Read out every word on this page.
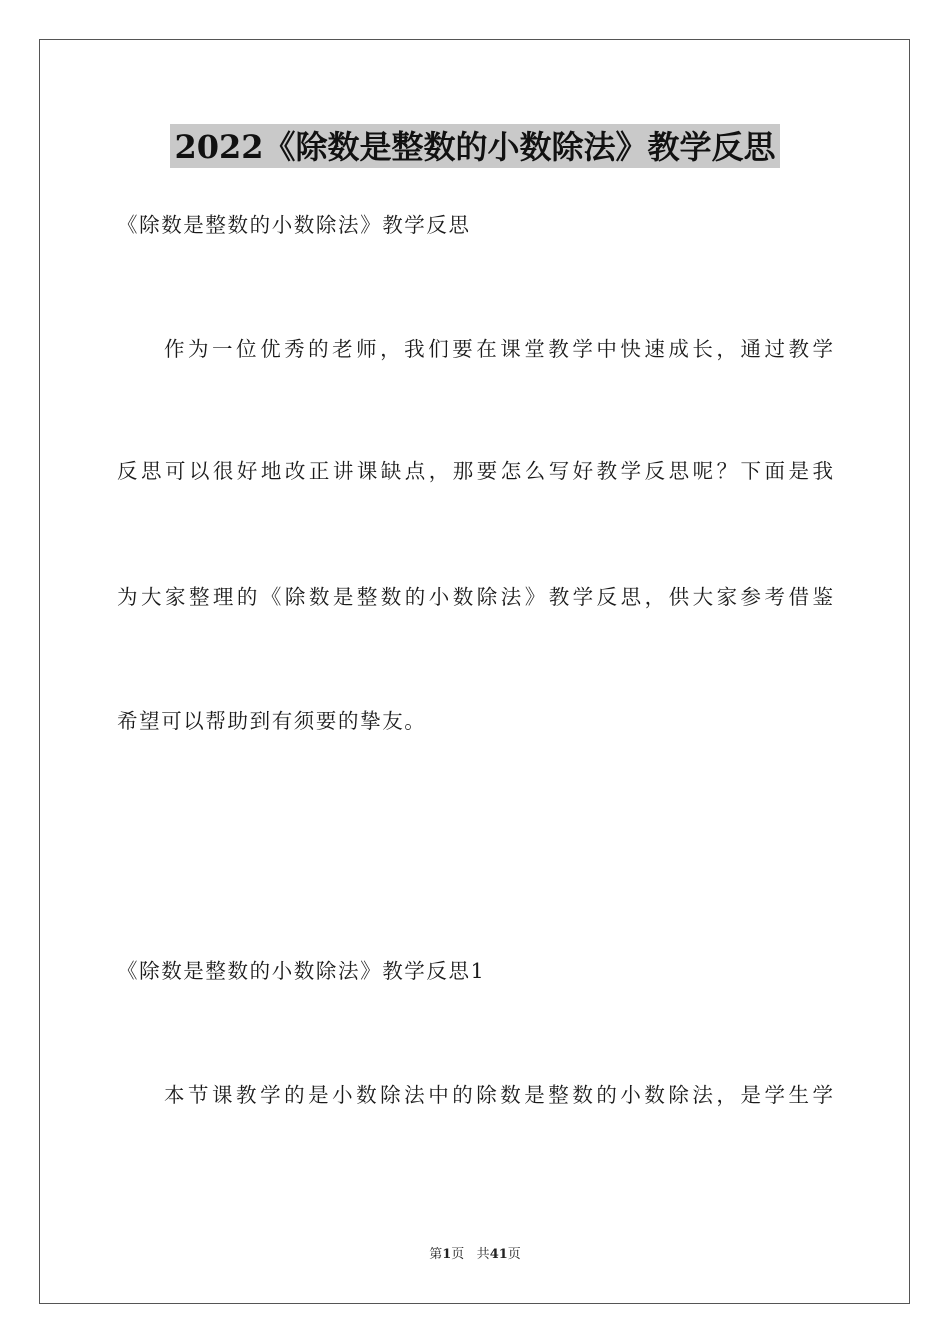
2022《除数是整数的小数除法》教学反思
《除数是整数的小数除法》教学反思
作为一位优秀的老师，我们要在课堂教学中快速成长，通过教学
反思可以很好地改正讲课缺点，那要怎么写好教学反思呢？下面是我
为大家整理的《除数是整数的小数除法》教学反思，供大家参考借鉴
希望可以帮助到有须要的挚友。
《除数是整数的小数除法》教学反思1
本节课教学的是小数除法中的除数是整数的小数除法，是学生学
第1页 共41页
